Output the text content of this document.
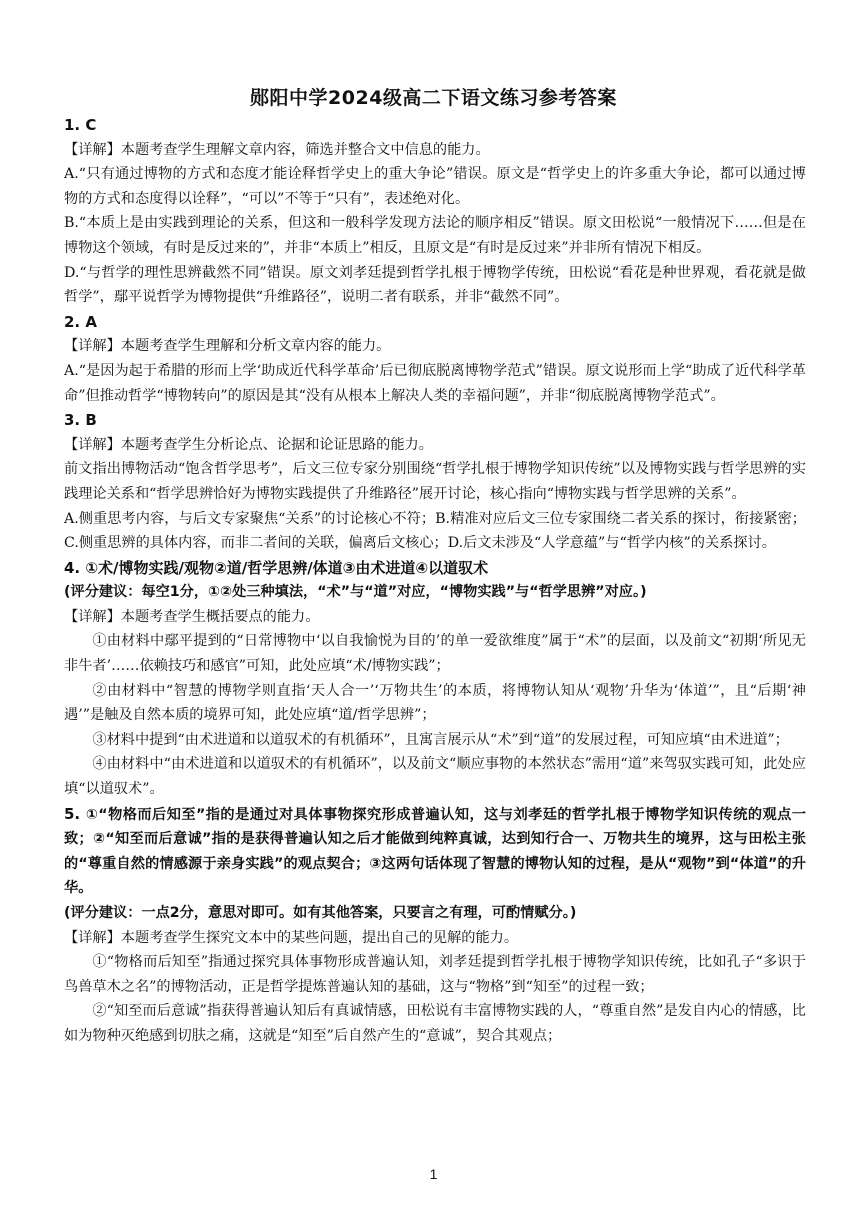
郧阳中学2024级高二下语文练习参考答案

1. C

【详解】本题考查学生理解文章内容，筛选并整合文中信息的能力。

A.“只有通过博物的方式和态度才能诠释哲学史上的重大争论”错误。原文是“哲学史上的许多重大争论，都可以通过博物的方式和态度得以诠释”，“可以”不等于“只有”，表述绝对化。

B.“本质上是由实践到理论的关系，但这和一般科学发现方法论的顺序相反”错误。原文田松说“一般情况下……但是在博物这个领域，有时是反过来的”，并非“本质上”相反，且原文是“有时是反过来”并非所有情况下相反。

D.“与哲学的理性思辨截然不同”错误。原文刘孝廷提到哲学扎根于博物学传统，田松说“看花是种世界观，看花就是做哲学”，鄢平说哲学为博物提供“升维路径”，说明二者有联系，并非“截然不同”。

2. A

【详解】本题考查学生理解和分析文章内容的能力。

A.“是因为起于希腊的形而上学‘助成近代科学革命’后已彻底脱离博物学范式”错误。原文说形而上学“助成了近代科学革命”但推动哲学“博物转向”的原因是其“没有从根本上解决人类的幸福问题”，并非“彻底脱离博物学范式”。

3. B

【详解】本题考查学生分析论点、论据和论证思路的能力。

前文指出博物活动“饱含哲学思考”，后文三位专家分别围绕“哲学扎根于博物学知识传统”以及博物实践与哲学思辨的实践理论关系和“哲学思辨恰好为博物实践提供了升维路径”展开讨论，核心指向“博物实践与哲学思辨的关系”。

A.侧重思考内容，与后文专家聚焦“关系”的讨论核心不符；B.精准对应后文三位专家围绕二者关系的探讨，衔接紧密；C.侧重思辨的具体内容，而非二者间的关联，偏离后文核心；D.后文未涉及“人学意蕴”与“哲学内核”的关系探讨。

4. ①术/博物实践/观物②道/哲学思辨/体道③由术进道④以道驭术

(评分建议：每空1分，①②处三种填法，“术”与“道”对应，“博物实践”与“哲学思辨”对应。)

【详解】本题考查学生概括要点的能力。

①由材料中鄢平提到的“日常博物中‘以自我愉悦为目的’的单一爱欲维度”属于“术”的层面，以及前文“初期‘所见无非牛者’……依赖技巧和感官”可知，此处应填“术/博物实践”；

②由材料中“智慧的博物学则直指‘天人合一’‘万物共生’的本质，将博物认知从‘观物’升华为‘体道’”，且“后期‘神遇’”是触及自然本质的境界可知，此处应填“道/哲学思辨”；

③材料中提到“由术进道和以道驭术的有机循环”，且寓言展示从“术”到“道”的发展过程，可知应填“由术进道”；

④由材料中“由术进道和以道驭术的有机循环”，以及前文“顺应事物的本然状态”需用“道”来驾驭实践可知，此处应填“以道驭术”。

5. ①“物格而后知至”指的是通过对具体事物探究形成普遍认知，这与刘孝廷的哲学扎根于博物学知识传统的观点一致；②“知至而后意诚”指的是获得普遍认知之后才能做到纯粹真诚，达到知行合一、万物共生的境界，这与田松主张的“尊重自然的情感源于亲身实践”的观点契合；③这两句话体现了智慧的博物认知的过程，是从“观物”到“体道”的升华。

(评分建议：一点2分，意思对即可。如有其他答案，只要言之有理，可酌情赋分。)

【详解】本题考查学生探究文本中的某些问题，提出自己的见解的能力。

①“物格而后知至”指通过探究具体事物形成普遍认知，刘孝廷提到哲学扎根于博物学知识传统，比如孔子“多识于鸟兽草木之名”的博物活动，正是哲学提炼普遍认知的基础，这与“物格”到“知至”的过程一致；

②“知至而后意诚”指获得普遍认知后有真诚情感，田松说有丰富博物实践的人，“尊重自然”是发自内心的情感，比如为物种灭绝感到切肤之痛，这就是“知至”后自然产生的“意诚”，契合其观点；

1
